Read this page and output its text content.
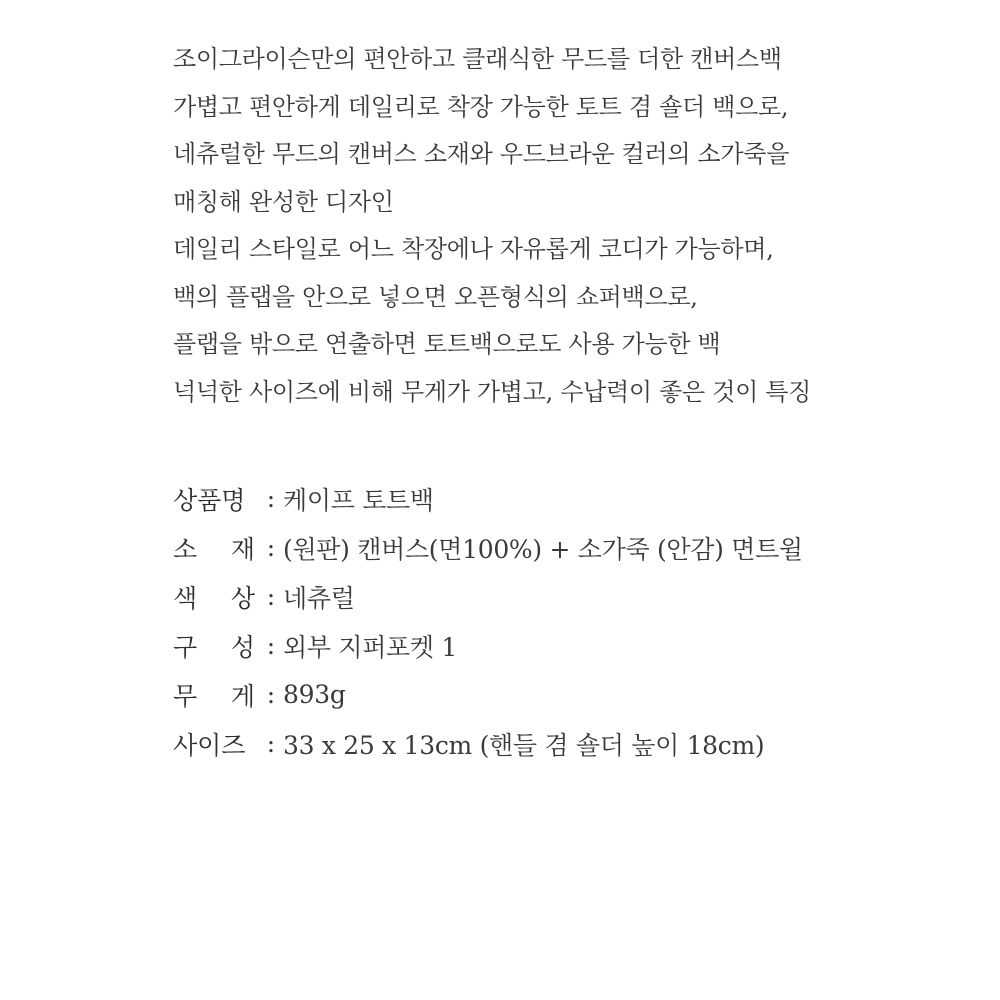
조이그라이슨만의 편안하고 클래식한 무드를 더한 캔버스백
가볍고 편안하게 데일리로 착장 가능한 토트 겸 숄더 백으로,
네츄럴한 무드의 캔버스 소재와 우드브라운 컬러의 소가죽을
매칭해 완성한 디자인
데일리 스타일로 어느 착장에나 자유롭게 코디가 가능하며,
백의 플랩을 안으로 넣으면 오픈형식의 쇼퍼백으로,
플랩을 밖으로 연출하면 토트백으로도 사용 가능한 백
넉넉한 사이즈에 비해 무게가 가볍고, 수납력이 좋은 것이 특징
상품명 : 케이프 토트백
소 재 : (원판) 캔버스(면100%) + 소가죽 (안감) 면트윌
색 상 : 네츄럴
구 성 : 외부 지퍼포켓 1
무 게 : 893g
사이즈 : 33 x 25 x 13cm (핸들 겸 숄더 높이 18cm)
